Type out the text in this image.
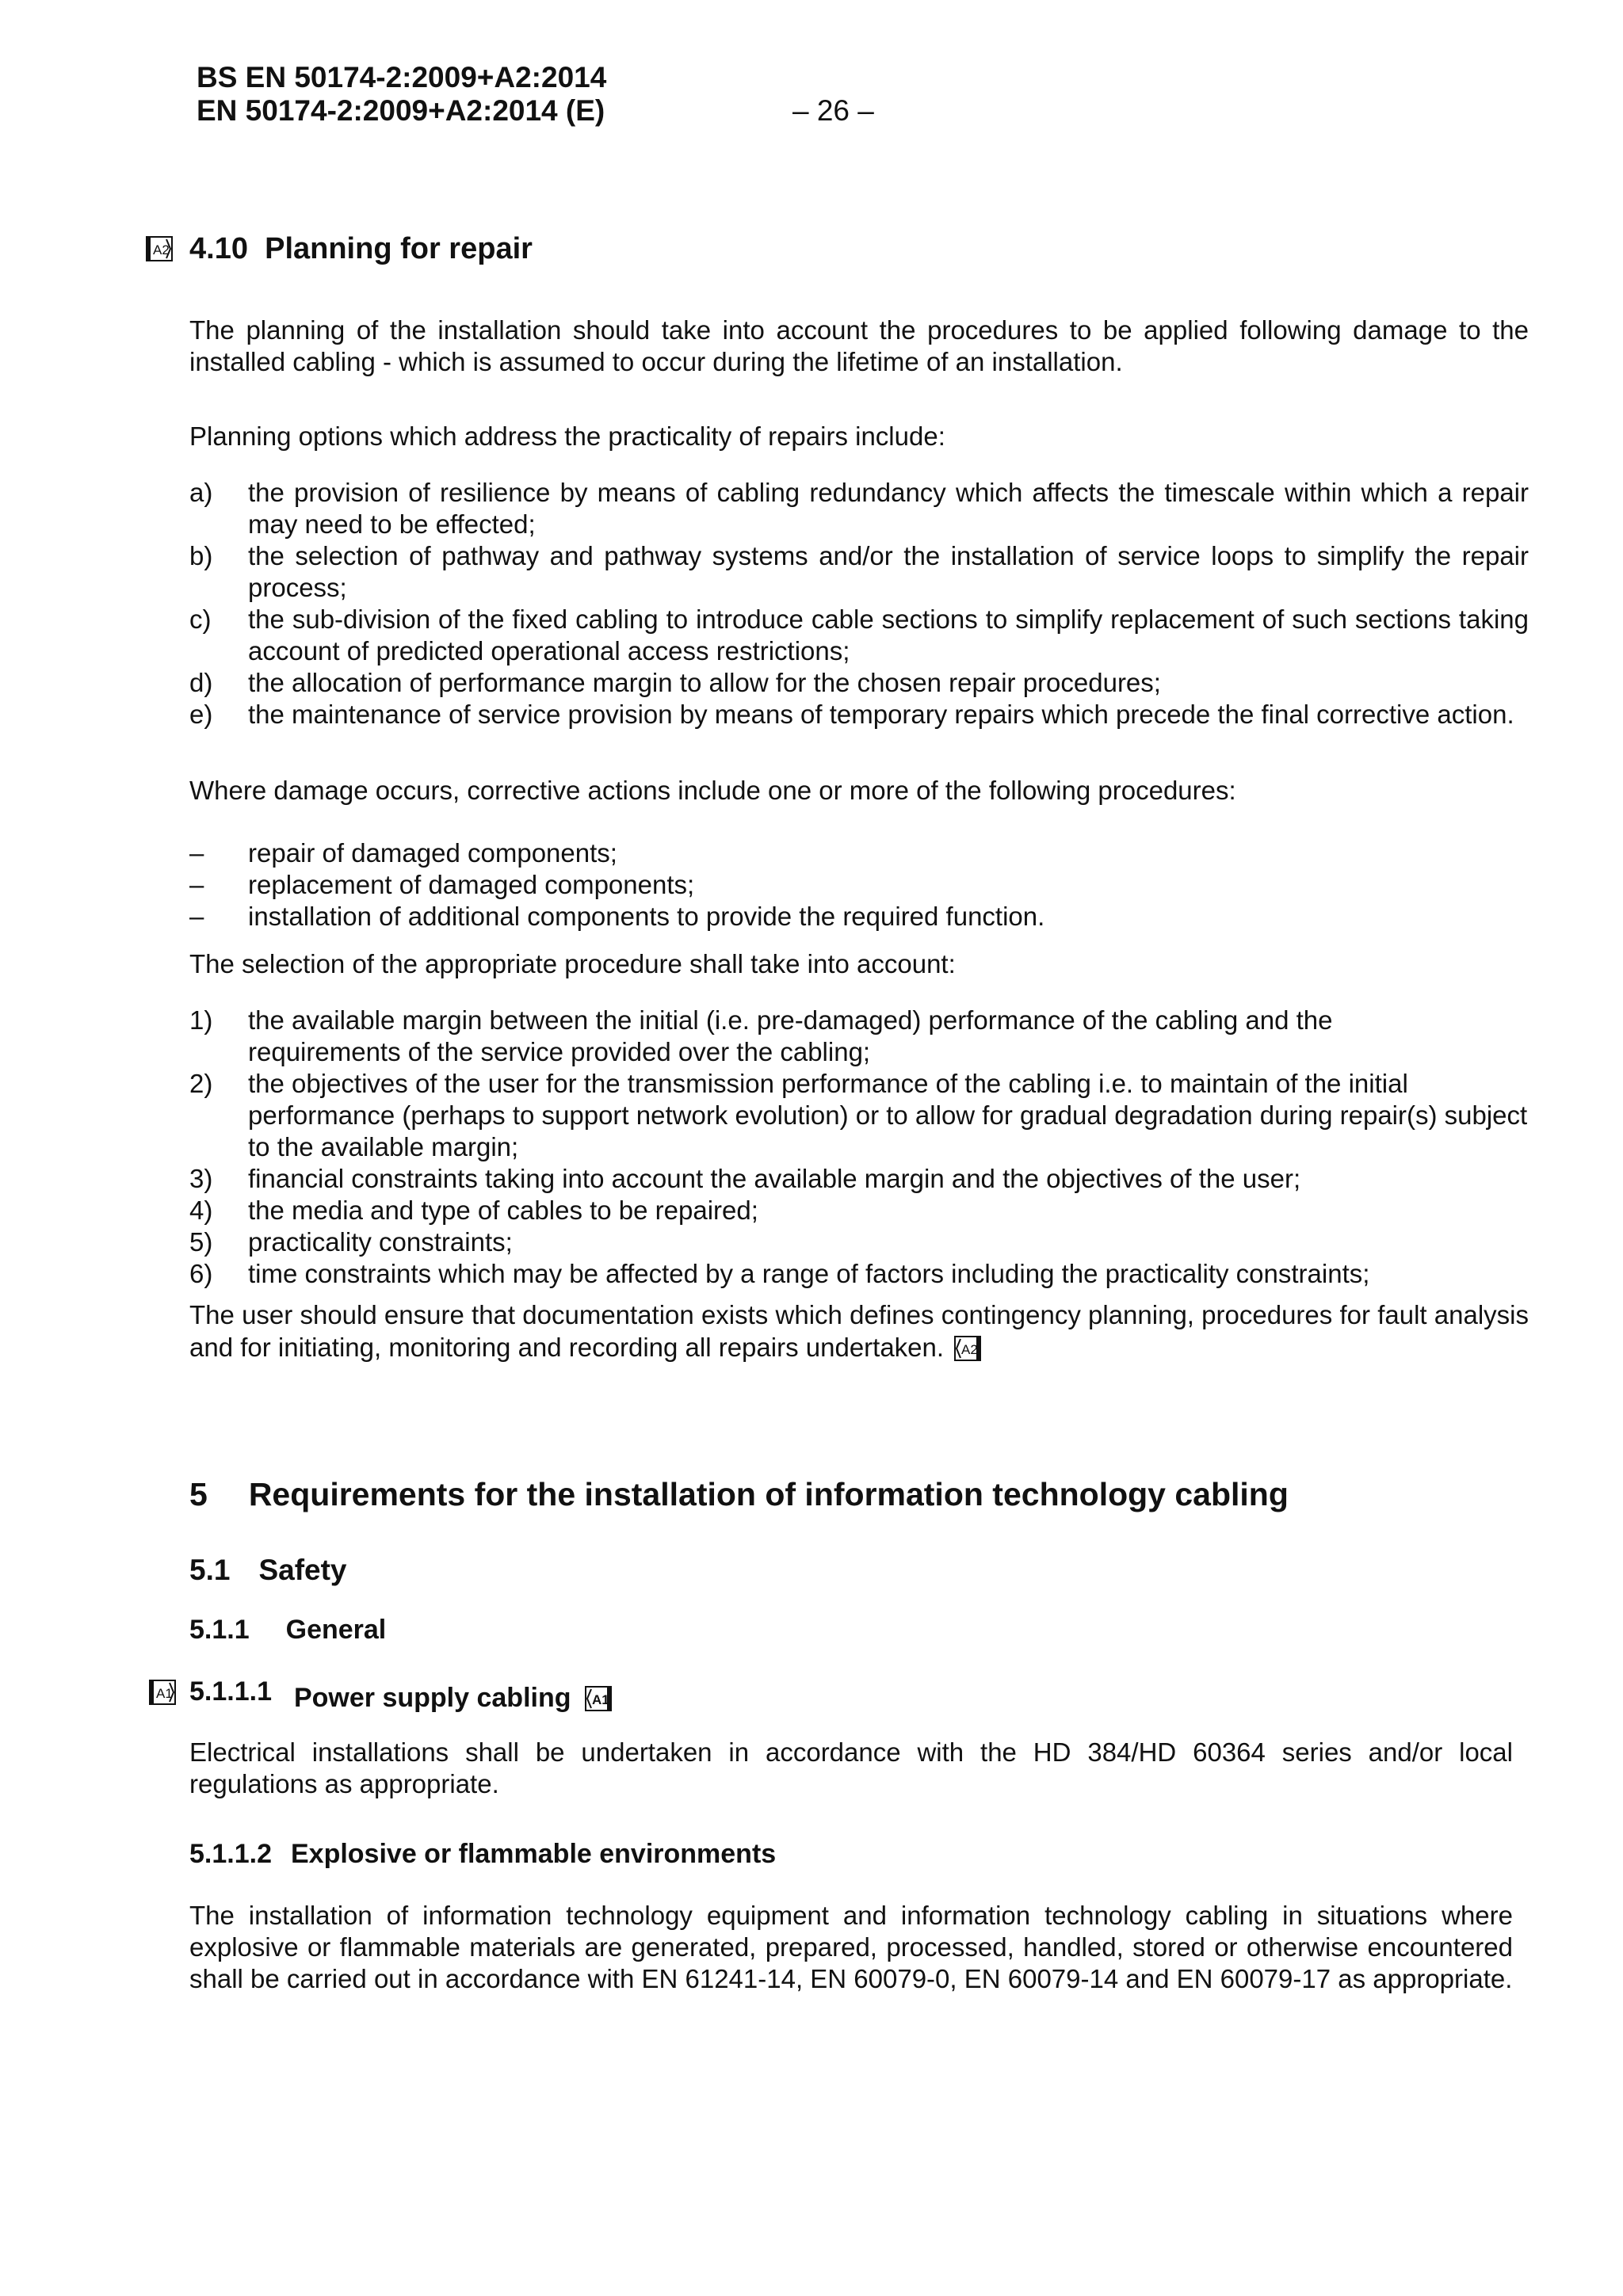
BS EN 50174-2:2009+A2:2014
EN 50174-2:2009+A2:2014 (E)	– 26 –
A2 4.10 Planning for repair
The planning of the installation should take into account the procedures to be applied following damage to the installed cabling - which is assumed to occur during the lifetime of an installation.
Planning options which address the practicality of repairs include:
a) the provision of resilience by means of cabling redundancy which affects the timescale within which a repair may need to be effected;
b) the selection of pathway and pathway systems and/or the installation of service loops to simplify the repair process;
c) the sub-division of the fixed cabling to introduce cable sections to simplify replacement of such sections taking account of predicted operational access restrictions;
d) the allocation of performance margin to allow for the chosen repair procedures;
e) the maintenance of service provision by means of temporary repairs which precede the final corrective action.
Where damage occurs, corrective actions include one or more of the following procedures:
– repair of damaged components;
– replacement of damaged components;
– installation of additional components to provide the required function.
The selection of the appropriate procedure shall take into account:
1) the available margin between the initial (i.e. pre-damaged) performance of the cabling and the requirements of the service provided over the cabling;
2) the objectives of the user for the transmission performance of the cabling i.e. to maintain of the initial performance (perhaps to support network evolution) or to allow for gradual degradation during repair(s) subject to the available margin;
3) financial constraints taking into account the available margin and the objectives of the user;
4) the media and type of cables to be repaired;
5) practicality constraints;
6) time constraints which may be affected by a range of factors including the practicality constraints;
The user should ensure that documentation exists which defines contingency planning, procedures for fault analysis and for initiating, monitoring and recording all repairs undertaken. A2
5 Requirements for the installation of information technology cabling
5.1 Safety
5.1.1 General
A1 5.1.1.1 Power supply cabling A1
Electrical installations shall be undertaken in accordance with the HD 384/HD 60364 series and/or local regulations as appropriate.
5.1.1.2 Explosive or flammable environments
The installation of information technology equipment and information technology cabling in situations where explosive or flammable materials are generated, prepared, processed, handled, stored or otherwise encountered shall be carried out in accordance with EN 61241-14, EN 60079-0, EN 60079-14 and EN 60079-17 as appropriate.
